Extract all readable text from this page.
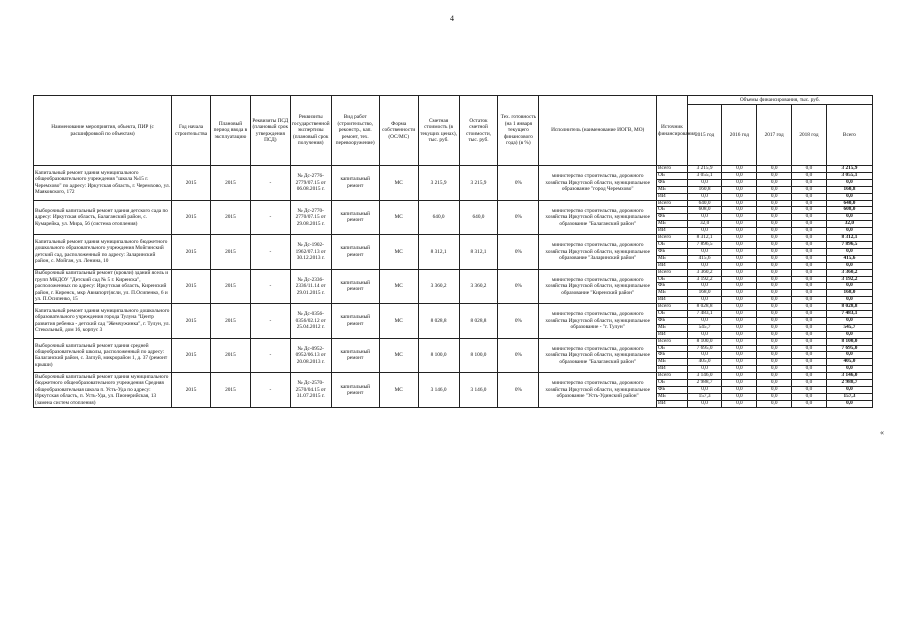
4
Наименование мероприятия, объекта, ПИР (с расшифровкой по объектам)	Год начала строительства	Плановый период ввода в эксплуатацию	Реквизиты ПСД (плановый срок утверждения ПСД)	Реквизиты государственной экспертизы (плановый срок получения)	Вид работ (строительство, реконстр., кап. ремонт, тех. перевооружение)	Форма собственности (ОС/МС)	Сметная стоимость (в текущих ценах), тыс. руб.	Остаток сметной стоимости, тыс. руб.	Тех. готовность (на 1 января текущего финансового года) (в %)	Исполнитель (наименование ИОГВ, МО)	Источник финансирования	Объемы финансирования, тыс. руб.				
												2015 год	2016 год	2017 год	2018 год	Всего
Капитальный ремонт здания муниципального общеобразовательного учреждения "школа №15 г. Черемхово" по адресу: Иркутская область, г. Черемхово, ул. Маяковского, 172	2015	2015	-	№ Дс-2776-2779/07.15 от 06.08.2015 г.	капитальный ремонт	МС	3 215,9	3 215,9	0%	министерство строительства, дорожного хозяйства Иркутской области, муниципальное образование "город Черемхово"	Всего	3 215,9	0,0	0,0	0,0	3 215,9
											ОБ	3 055,1	0,0	0,0	0,0	3 055,1
											ФБ	0,0	0,0	0,0	0,0	0,0
											МБ	160,8	0,0	0,0	0,0	160,8
											ИИ	0,0	0,0	0,0	0,0	0,0
Выборочный капитальный ремонт здания детского сада по адресу: Иркутская область, Балаганский район, с. Кумарейка, ул. Мира, 56 (система отопления)	2015	2015	-	№ Дс-2770-2770/07.15 от 29.08.2015 г.	капитальный ремонт	МС	640,0	640,0	0%	министерство строительства, дорожного хозяйства Иркутской области, муниципальное образование "Балаганский район"	Всего	640,0	0,0	0,0	0,0	640,0
											ОБ	608,0	0,0	0,0	0,0	608,0
											ФБ	0,0	0,0	0,0	0,0	0,0
											МБ	32,0	0,0	0,0	0,0	32,0
											ИИ	0,0	0,0	0,0	0,0	0,0
Капитальный ремонт здания муниципального бюджетного дошкольного образовательного учреждения Мойгинский детский сад, расположенный по адресу: Заларинский район, с. Мойган, ул. Ленина, 10	2015	2015	-	№ Дс-1902-1962/07.13 от 30.12.2013 г.	капитальный ремонт	МС	8 312,1	8 312,1	0%	министерство строительства, дорожного хозяйства Иркутской области, муниципальное образование "Заларинский район"	Всего	8 312,1	0,0	0,0	0,0	8 312,1
											ОБ	7 896,5	0,0	0,0	0,0	7 896,5
											ФБ	0,0	0,0	0,0	0,0	0,0
											МБ	415,6	0,0	0,0	0,0	415,6
											ИИ	0,0	0,0	0,0	0,0	0,0
Выборочный капитальный ремонт (кровли) зданий ясель и групп МКДОУ "Детский сад № 5 г. Киренска", расположенных по адресу: Иркутская область, Киренский район, г. Киренск, мкр Авиапорт(ясли, ул. П.Осипенко, 6 и ул. П.Осипенко, 15	2015	2015	-	№ Дс-2336-2336/11.14 от 29.01.2015 г.	капитальный ремонт	МС	3 360,2	3 360,2	0%	министерство строительства, дорожного хозяйства Иркутской области, муниципальное образование "Киренский район"	Всего	3 360,2	0,0	0,0	0,0	3 360,2
											ОБ	3 192,2	0,0	0,0	0,0	3 192,2
											ФБ	0,0	0,0	0,0	0,0	0,0
											МБ	168,0	0,0	0,0	0,0	168,0
											ИИ	0,0	0,0	0,0	0,0	0,0
Капитальный ремонт здания муниципального дошкольного образовательного учреждения города Тулуна "Центр развития ребенка - детский сад "Жемчужинка", г. Тулун, ул. Стекольный, дом 16, корпус 3	2015	2015	-	№ Дс-0356-0356/02.12 от 25.04.2012 г.	капитальный ремонт	МС	8 028,8	8 028,8	0%	министерство строительства, дорожного хозяйства Иркутской области, муниципальное образование - "г. Тулун"	Всего	8 028,8	0,0	0,0	0,0	8 028,8
											ОБ	7 483,1	0,0	0,0	0,0	7 483,1
											ФБ	0,0	0,0	0,0	0,0	0,0
											МБ	545,7	0,0	0,0	0,0	545,7
											ИИ	0,0	0,0	0,0	0,0	0,0
Выборочный капитальный ремонт здания средней общеобразовательной школы, расположенный по адресу: Балаганский район, с. Заглуй, микрорайон 1, д. 37 (ремонт крыши)	2015	2015	-	№ Дс-0952-0952/06.13 от 20.08.2013 г.	капитальный ремонт	МС	8 100,0	8 100,0	0%	министерство строительства, дорожного хозяйства Иркутской области, муниципальное образование "Балаганский район"	Всего	8 100,0	0,0	0,0	0,0	8 100,0
											ОБ	7 695,0	0,0	0,0	0,0	7 695,0
											ФБ	0,0	0,0	0,0	0,0	0,0
											МБ	405,0	0,0	0,0	0,0	405,0
											ИИ	0,0	0,0	0,0	0,0	0,0
Выборочный капитальный ремонт здания муниципального бюджетного общеобразовательного учреждения Средняя общеобразовательная школа п. Усть-Уда по адресу: Иркутская область, п. Усть-Уда, ул. Пионерийская, 13 (замена систем отопления)	2015	2015	-	№ Дс-2570-2570/04.15 от 31.07.2015 г.	капитальный ремонт	МС	3 146,0	3 146,0	0%	министерство строительства, дорожного хозяйства Иркутской области, муниципальное образование "Усть-Удинский район"	Всего	3 146,0	0,0	0,0	0,0	3 146,0
											ОБ	2 988,7	0,0	0,0	0,0	2 988,7
											ФБ	0,0	0,0	0,0	0,0	0,0
											МБ	157,3	0,0	0,0	0,0	157,3
											ИИ	0,0	0,0	0,0	0,0	0,0
«
